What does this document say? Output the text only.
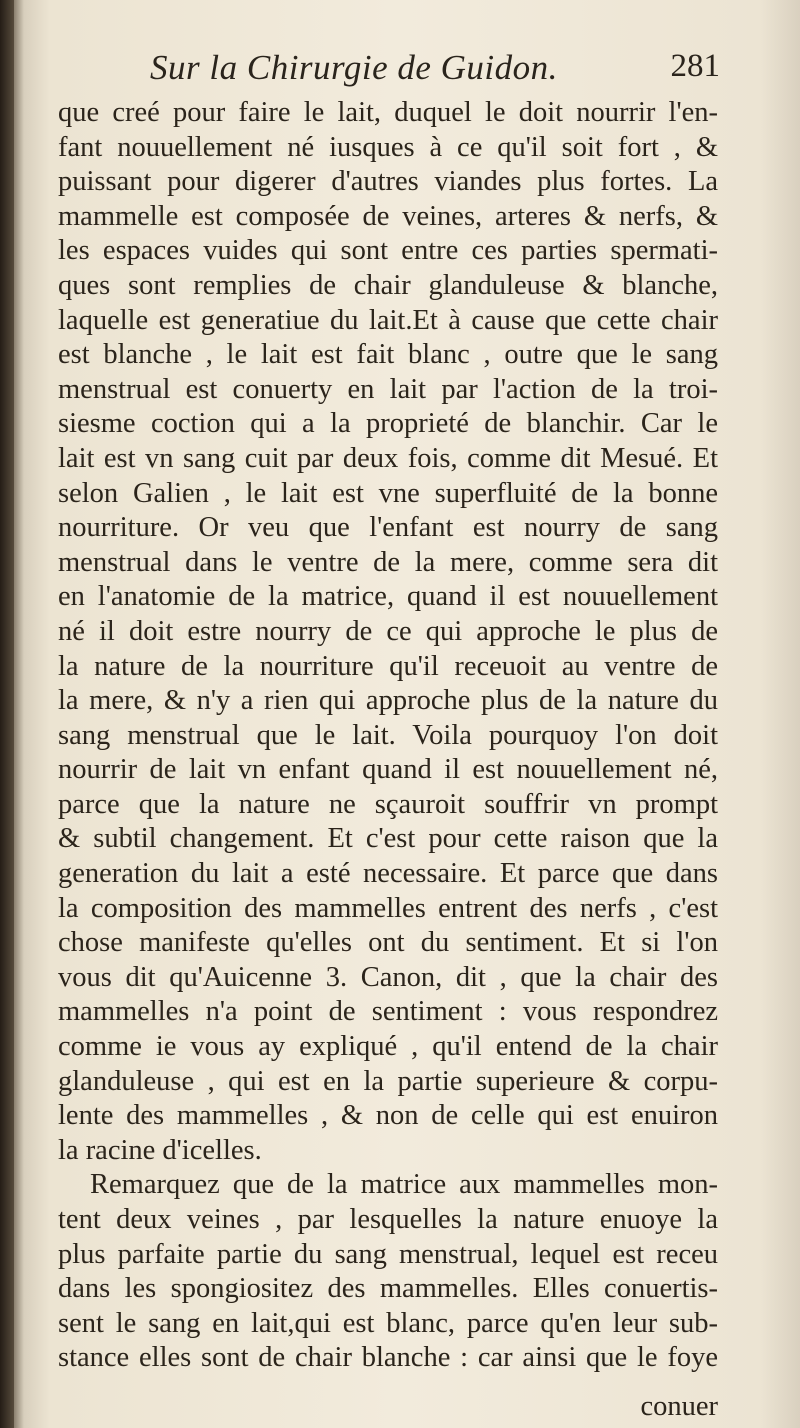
Sur la Chirurgie de Guidon.	281
que creé pour faire le lait, duquel le doit nourrir l'en-
fant nouuellement né iusques à ce qu'il soit fort , &
puissant pour digerer d'autres viandes plus fortes. La
mammelle est composée de veines, arteres & nerfs, &
les espaces vuides qui sont entre ces parties spermati-
ques sont remplies de chair glanduleuse & blanche,
laquelle est generatiue du lait.Et à cause que cette chair
est blanche , le lait est fait blanc , outre que le sang
menstrual est conuerty en lait par l'action de la troi-
siesme coction qui a la proprieté de blanchir. Car le
lait est vn sang cuit par deux fois, comme dit Mesué. Et
selon Galien , le lait est vne superfluité de la bonne
nourriture. Or veu que l'enfant est nourry de sang
menstrual dans le ventre de la mere, comme sera dit
en l'anatomie de la matrice, quand il est nouuellement
né il doit estre nourry de ce qui approche le plus de
la nature de la nourriture qu'il receuoit au ventre de
la mere, & n'y a rien qui approche plus de la nature du
sang menstrual que le lait. Voila pourquoy l'on doit
nourrir de lait vn enfant quand il est nouuellement né,
parce que la nature ne sçauroit souffrir vn prompt
& subtil changement. Et c'est pour cette raison que la
generation du lait a esté necessaire. Et parce que dans
la composition des mammelles entrent des nerfs , c'est
chose manifeste qu'elles ont du sentiment. Et si l'on
vous dit qu'Auicenne 3. Canon, dit , que la chair des
mammelles n'a point de sentiment : vous respondrez
comme ie vous ay expliqué , qu'il entend de la chair
glanduleuse , qui est en la partie superieure & corpu-
lente des mammelles , & non de celle qui est enuiron
la racine d'icelles.
Remarquez que de la matrice aux mammelles mon-
tent deux veines , par lesquelles la nature enuoye la
plus parfaite partie du sang menstrual, lequel est receu
dans les spongiositez des mammelles. Elles conuertis-
sent le sang en lait,qui est blanc, parce qu'en leur sub-
stance elles sont de chair blanche : car ainsi que le foye
conuer
